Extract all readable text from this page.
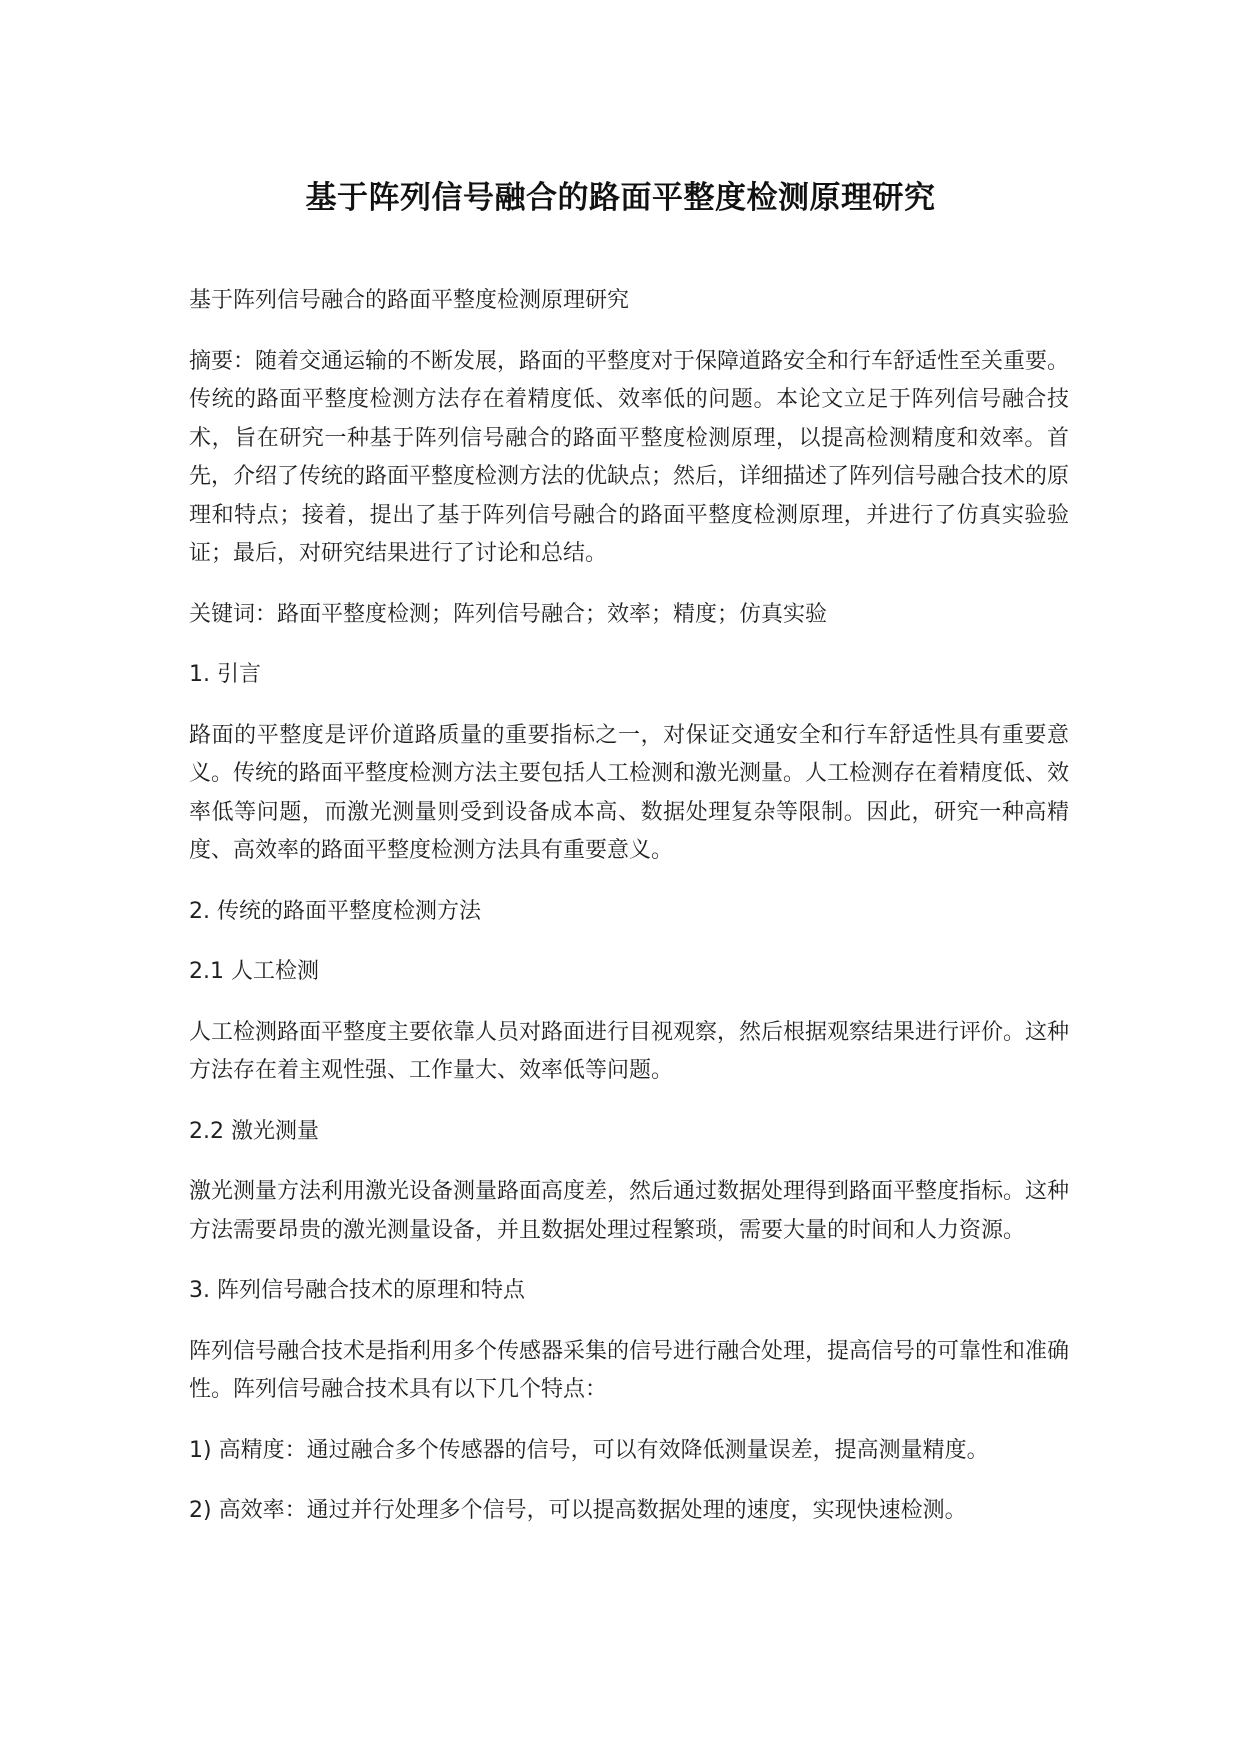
基于阵列信号融合的路面平整度检测原理研究

基于阵列信号融合的路面平整度检测原理研究

摘要：随着交通运输的不断发展，路面的平整度对于保障道路安全和行车舒适性至关重要。传统的路面平整度检测方法存在着精度低、效率低的问题。本论文立足于阵列信号融合技术，旨在研究一种基于阵列信号融合的路面平整度检测原理，以提高检测精度和效率。首先，介绍了传统的路面平整度检测方法的优缺点；然后，详细描述了阵列信号融合技术的原理和特点；接着，提出了基于阵列信号融合的路面平整度检测原理，并进行了仿真实验验证；最后，对研究结果进行了讨论和总结。

关键词：路面平整度检测；阵列信号融合；效率；精度；仿真实验

1. 引言

路面的平整度是评价道路质量的重要指标之一，对保证交通安全和行车舒适性具有重要意义。传统的路面平整度检测方法主要包括人工检测和激光测量。人工检测存在着精度低、效率低等问题，而激光测量则受到设备成本高、数据处理复杂等限制。因此，研究一种高精度、高效率的路面平整度检测方法具有重要意义。

2. 传统的路面平整度检测方法

2.1 人工检测

人工检测路面平整度主要依靠人员对路面进行目视观察，然后根据观察结果进行评价。这种方法存在着主观性强、工作量大、效率低等问题。

2.2 激光测量

激光测量方法利用激光设备测量路面高度差，然后通过数据处理得到路面平整度指标。这种方法需要昂贵的激光测量设备，并且数据处理过程繁琐，需要大量的时间和人力资源。

3. 阵列信号融合技术的原理和特点

阵列信号融合技术是指利用多个传感器采集的信号进行融合处理，提高信号的可靠性和准确性。阵列信号融合技术具有以下几个特点：

1) 高精度：通过融合多个传感器的信号，可以有效降低测量误差，提高测量精度。

2) 高效率：通过并行处理多个信号，可以提高数据处理的速度，实现快速检测。
